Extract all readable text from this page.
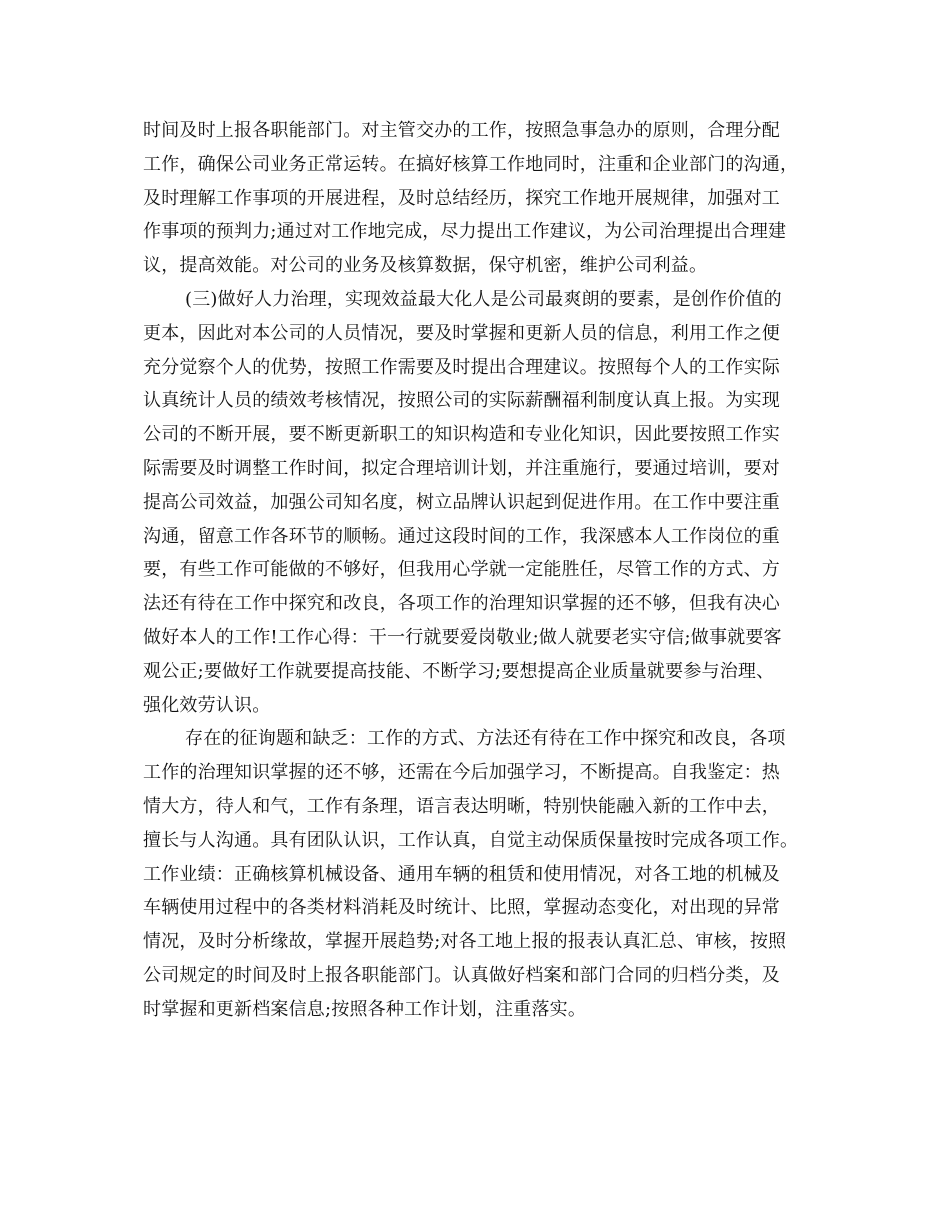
时间及时上报各职能部门。对主管交办的工作，按照急事急办的原则，合理分配
工作，确保公司业务正常运转。在搞好核算工作地同时，注重和企业部门的沟通，
及时理解工作事项的开展进程，及时总结经历，探究工作地开展规律，加强对工
作事项的预判力;通过对工作地完成，尽力提出工作建议，为公司治理提出合理建
议，提高效能。对公司的业务及核算数据，保守机密，维护公司利益。
(三)做好人力治理，实现效益最大化人是公司最爽朗的要素，是创作价值的
更本，因此对本公司的人员情况，要及时掌握和更新人员的信息，利用工作之便
充分觉察个人的优势，按照工作需要及时提出合理建议。按照每个人的工作实际
认真统计人员的绩效考核情况，按照公司的实际薪酬福利制度认真上报。为实现
公司的不断开展，要不断更新职工的知识构造和专业化知识，因此要按照工作实
际需要及时调整工作时间，拟定合理培训计划，并注重施行，要通过培训，要对
提高公司效益，加强公司知名度，树立品牌认识起到促进作用。在工作中要注重
沟通，留意工作各环节的顺畅。通过这段时间的工作，我深感本人工作岗位的重
要，有些工作可能做的不够好，但我用心学就一定能胜任，尽管工作的方式、方
法还有待在工作中探究和改良，各项工作的治理知识掌握的还不够，但我有决心
做好本人的工作!工作心得：干一行就要爱岗敬业;做人就要老实守信;做事就要客
观公正;要做好工作就要提高技能、不断学习;要想提高企业质量就要参与治理、
强化效劳认识。
存在的征询题和缺乏：工作的方式、方法还有待在工作中探究和改良，各项
工作的治理知识掌握的还不够，还需在今后加强学习，不断提高。自我鉴定：热
情大方，待人和气，工作有条理，语言表达明晰，特别快能融入新的工作中去，
擅长与人沟通。具有团队认识，工作认真，自觉主动保质保量按时完成各项工作。
工作业绩：正确核算机械设备、通用车辆的租赁和使用情况，对各工地的机械及
车辆使用过程中的各类材料消耗及时统计、比照，掌握动态变化，对出现的异常
情况，及时分析缘故，掌握开展趋势;对各工地上报的报表认真汇总、审核，按照
公司规定的时间及时上报各职能部门。认真做好档案和部门合同的归档分类，及
时掌握和更新档案信息;按照各种工作计划，注重落实。
